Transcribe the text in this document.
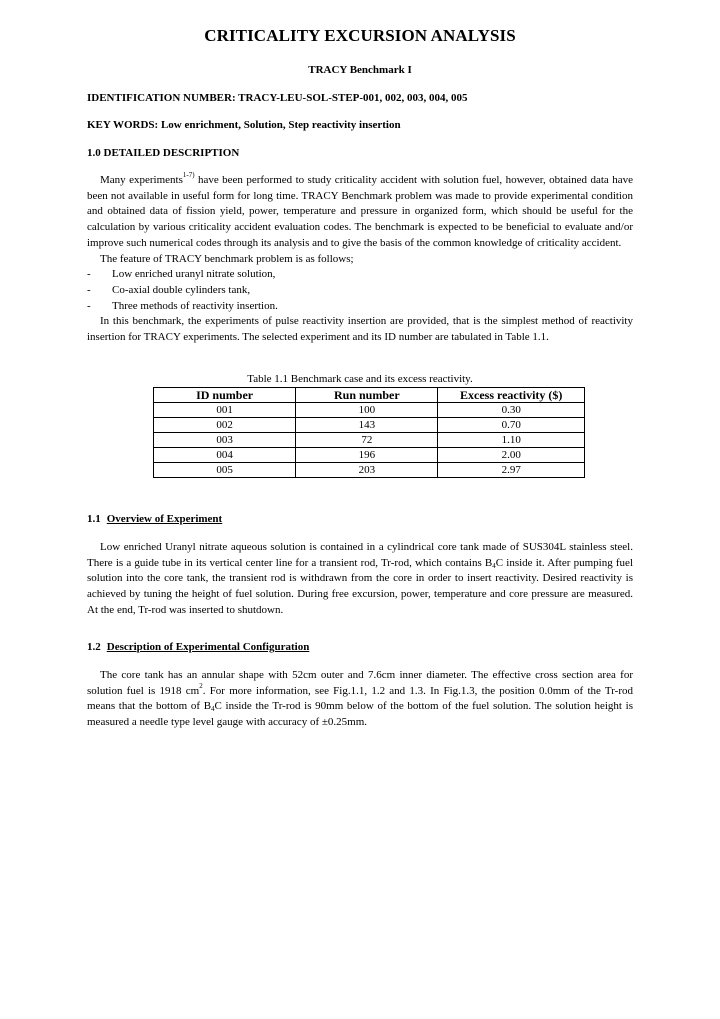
CRITICALITY EXCURSION ANALYSIS
TRACY Benchmark I
IDENTIFICATION NUMBER: TRACY-LEU-SOL-STEP-001, 002, 003, 004, 005
KEY WORDS: Low enrichment, Solution, Step reactivity insertion
1.0 DETAILED DESCRIPTION
Many experiments$^{1-7)}$ have been performed to study criticality accident with solution fuel, however, obtained data have been not available in useful form for long time. TRACY Benchmark problem was made to provide experimental condition and obtained data of fission yield, power, temperature and pressure in organized form, which should be useful for the calculation by various criticality accident evaluation codes. The benchmark is expected to be beneficial to evaluate and/or improve such numerical codes through its analysis and to give the basis of the common knowledge of criticality accident.
The feature of TRACY benchmark problem is as follows;
- Low enriched uranyl nitrate solution,
- Co-axial double cylinders tank,
- Three methods of reactivity insertion.
In this benchmark, the experiments of pulse reactivity insertion are provided, that is the simplest method of reactivity insertion for TRACY experiments. The selected experiment and its ID number are tabulated in Table 1.1.
Table 1.1 Benchmark case and its excess reactivity.
ID number	Run number	Excess reactivity ($)
001	100	0.30
002	143	0.70
003	72	1.10
004	196	2.00
005	203	2.97
1.1 Overview of Experiment
Low enriched Uranyl nitrate aqueous solution is contained in a cylindrical core tank made of SUS304L stainless steel. There is a guide tube in its vertical center line for a transient rod, Tr-rod, which contains $B_4C$ inside it. After pumping fuel solution into the core tank, the transient rod is withdrawn from the core in order to insert reactivity. Desired reactivity is achieved by tuning the height of fuel solution. During free excursion, power, temperature and core pressure are measured. At the end, Tr-rod was inserted to shutdown.
1.2 Description of Experimental Configuration
The core tank has an annular shape with 52cm outer and 7.6cm inner diameter. The effective cross section area for solution fuel is 1918 $cm^2$. For more information, see Fig.1.1, 1.2 and 1.3. In Fig.1.3, the position 0.0mm of the Tr-rod means that the bottom of $B_4C$ inside the Tr-rod is 90mm below of the bottom of the fuel solution. The solution height is measured a needle type level gauge with accuracy of ±0.25mm.
